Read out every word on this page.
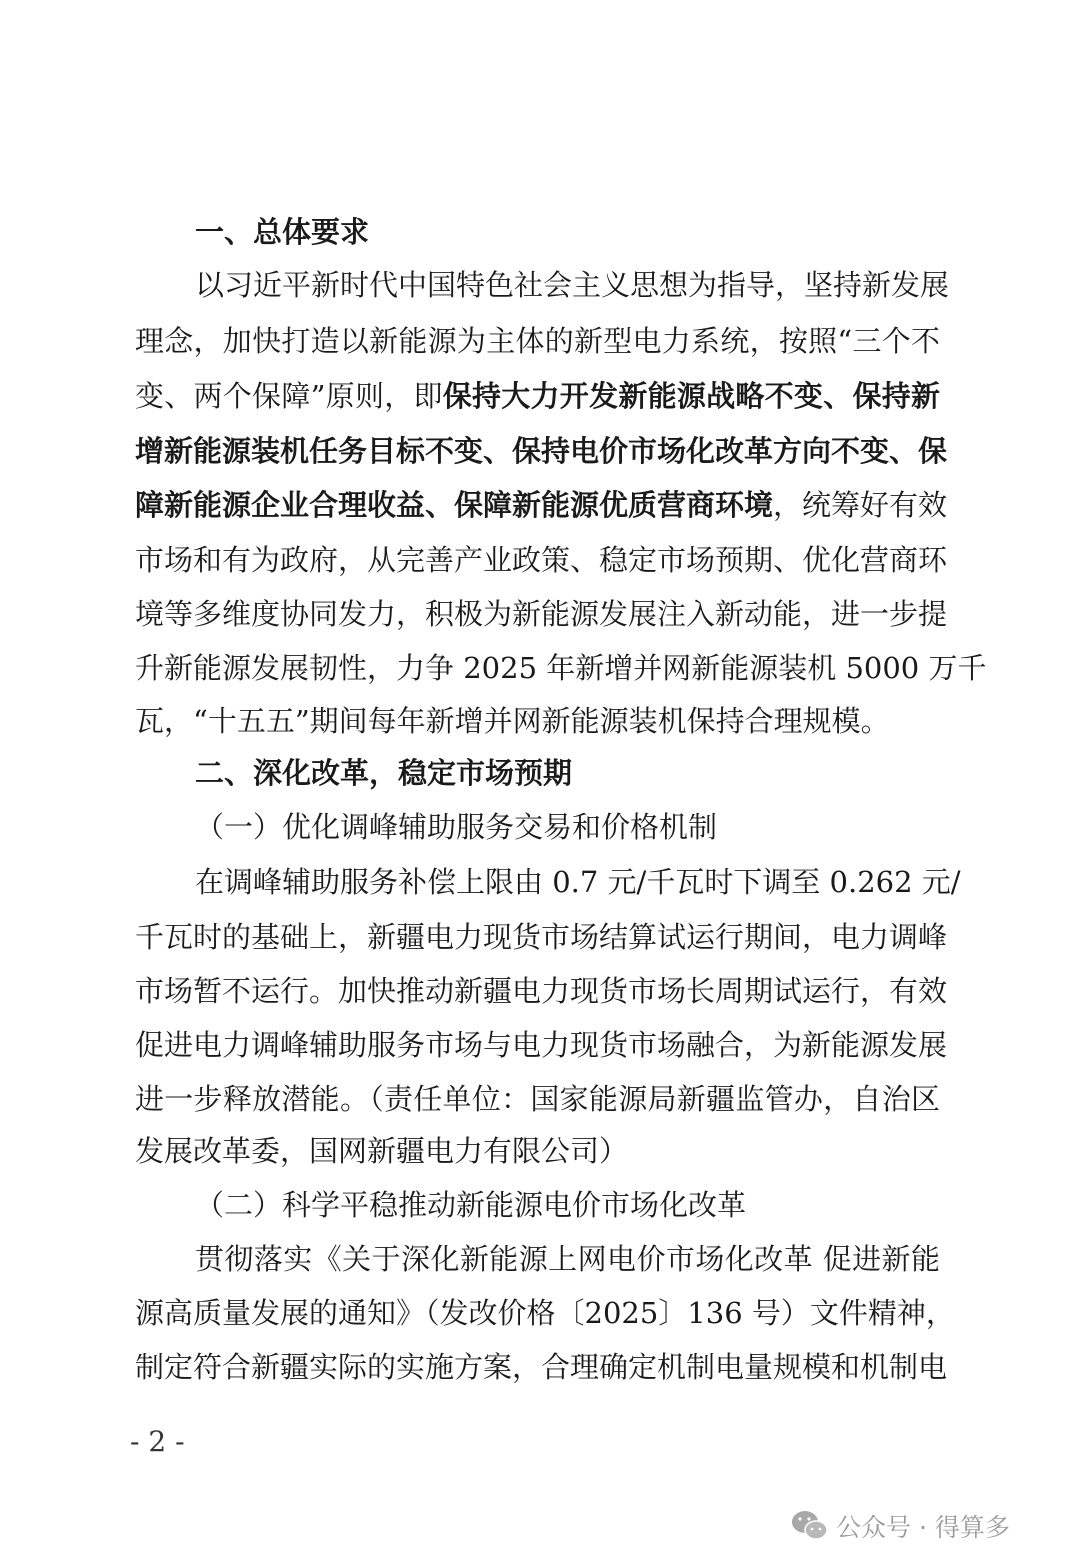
一、总体要求
以习近平新时代中国特色社会主义思想为指导，坚持新发展
理念，加快打造以新能源为主体的新型电力系统，按照“三个不
变、两个保障”原则，即保持大力开发新能源战略不变、保持新
增新能源装机任务目标不变、保持电价市场化改革方向不变、保
障新能源企业合理收益、保障新能源优质营商环境，统筹好有效
市场和有为政府，从完善产业政策、稳定市场预期、优化营商环
境等多维度协同发力，积极为新能源发展注入新动能，进一步提
升新能源发展韧性，力争 2025 年新增并网新能源装机 5000 万千
瓦，“十五五”期间每年新增并网新能源装机保持合理规模。
二、深化改革，稳定市场预期
（一）优化调峰辅助服务交易和价格机制
在调峰辅助服务补偿上限由 0.7 元/千瓦时下调至 0.262 元/
千瓦时的基础上，新疆电力现货市场结算试运行期间，电力调峰
市场暂不运行。加快推动新疆电力现货市场长周期试运行，有效
促进电力调峰辅助服务市场与电力现货市场融合，为新能源发展
进一步释放潜能。（责任单位：国家能源局新疆监管办，自治区
发展改革委，国网新疆电力有限公司）
（二）科学平稳推动新能源电价市场化改革
贯彻落实《关于深化新能源上网电价市场化改革 促进新能
源高质量发展的通知》（发改价格〔2025〕136 号）文件精神，
制定符合新疆实际的实施方案，合理确定机制电量规模和机制电
- 2 -
公众号 · 得算多
